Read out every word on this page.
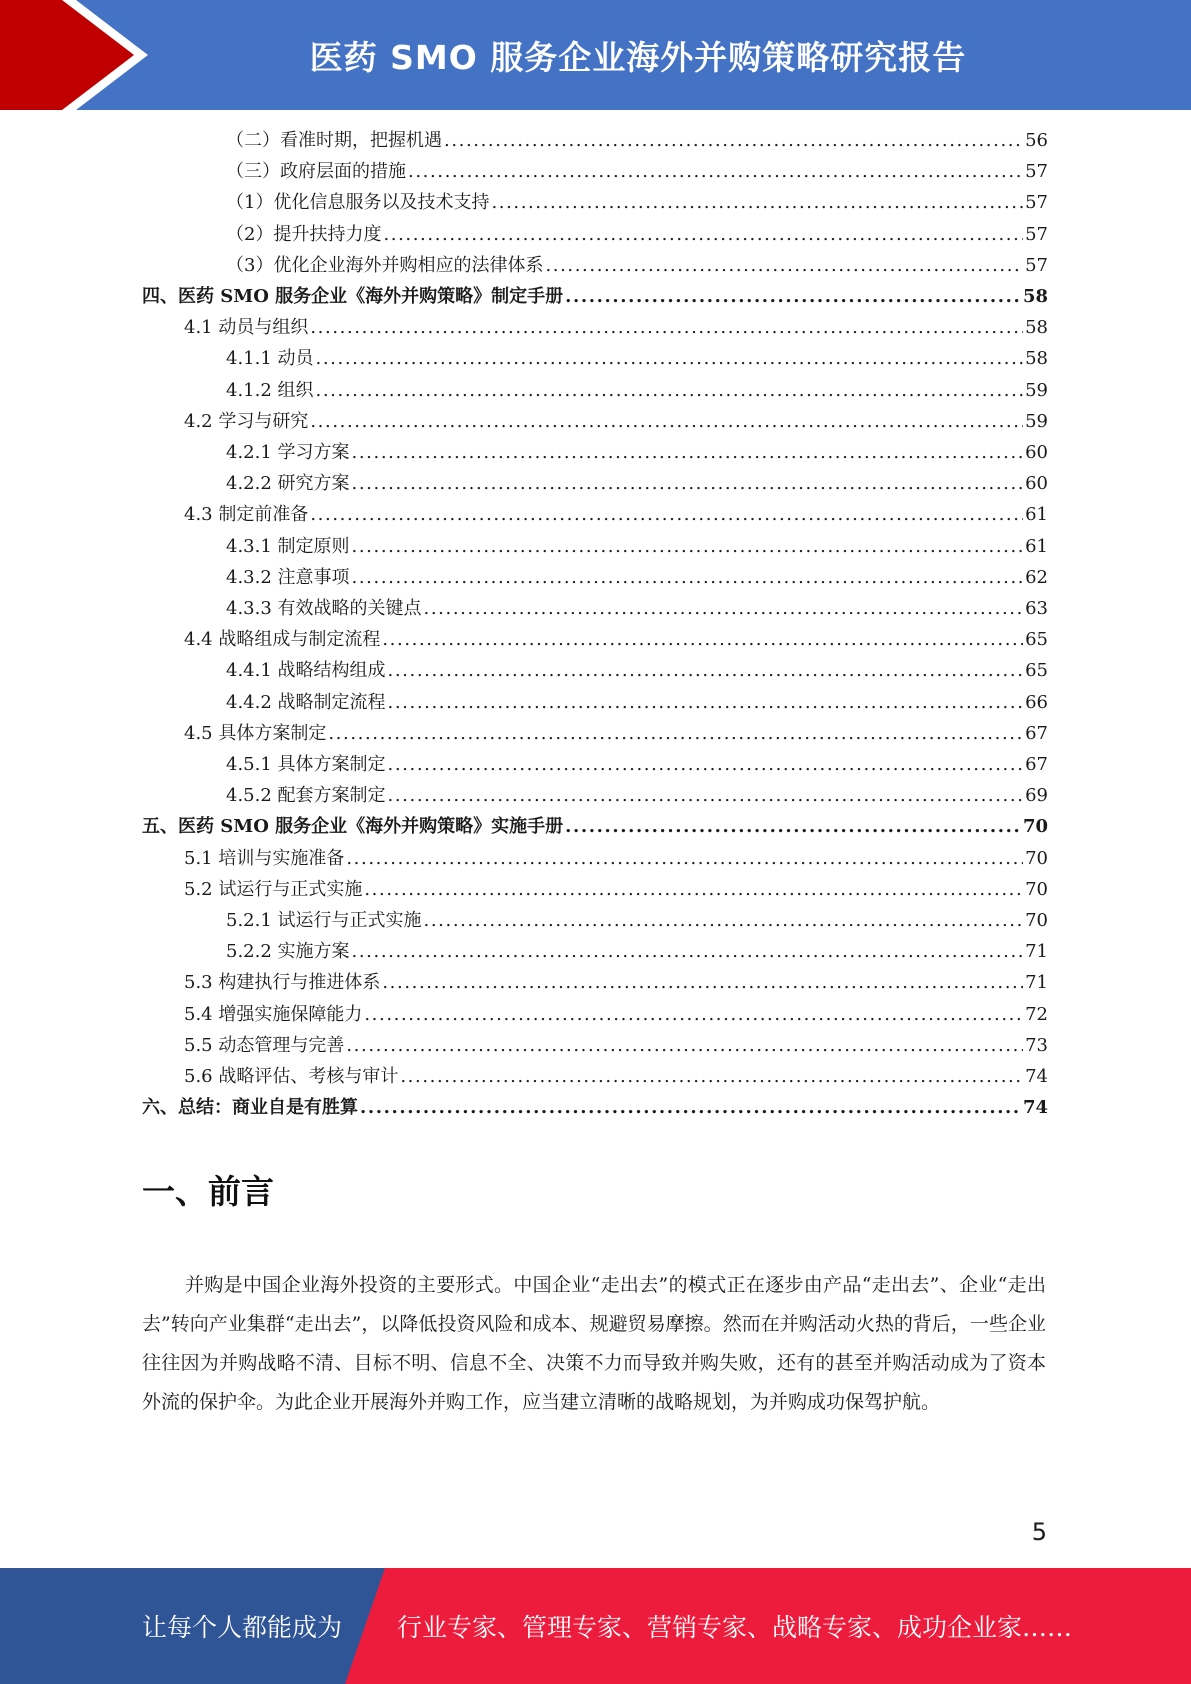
医药 SMO 服务企业海外并购策略研究报告
（二）看准时期，把握机遇 .....	56
（三）政府层面的措施 .....	57
（1）优化信息服务以及技术支持 .....	57
（2）提升扶持力度 .....	57
（3）优化企业海外并购相应的法律体系 .....	57
四、医药 SMO 服务企业《海外并购策略》制定手册 .....	58
4.1 动员与组织 .....	58
4.1.1 动员 .....	58
4.1.2 组织 .....	59
4.2 学习与研究 .....	59
4.2.1 学习方案 .....	60
4.2.2 研究方案 .....	60
4.3 制定前准备 .....	61
4.3.1 制定原则 .....	61
4.3.2 注意事项 .....	62
4.3.3 有效战略的关键点 .....	63
4.4 战略组成与制定流程 .....	65
4.4.1 战略结构组成 .....	65
4.4.2 战略制定流程 .....	66
4.5 具体方案制定 .....	67
4.5.1 具体方案制定 .....	67
4.5.2 配套方案制定 .....	69
五、医药 SMO 服务企业《海外并购策略》实施手册 .....	70
5.1 培训与实施准备 .....	70
5.2 试运行与正式实施 .....	70
5.2.1 试运行与正式实施 .....	70
5.2.2 实施方案 .....	71
5.3 构建执行与推进体系 .....	71
5.4 增强实施保障能力 .....	72
5.5 动态管理与完善 .....	73
5.6 战略评估、考核与审计 .....	74
六、总结：商业自是有胜算 .....	74
一、前言

并购是中国企业海外投资的主要形式。中国企业“走出去”的模式正在逐步由产品“走出去”、企业“走出去”转向产业集群“走出去”，以降低投资风险和成本、规避贸易摩擦。然而在并购活动火热的背后，一些企业往往因为并购战略不清、目标不明、信息不全、决策不力而导致并购失败，还有的甚至并购活动成为了资本外流的保护伞。为此企业开展海外并购工作，应当建立清晰的战略规划，为并购成功保驾护航。

5
让每个人都能成为 行业专家、管理专家、营销专家、战略专家、成功企业家……
